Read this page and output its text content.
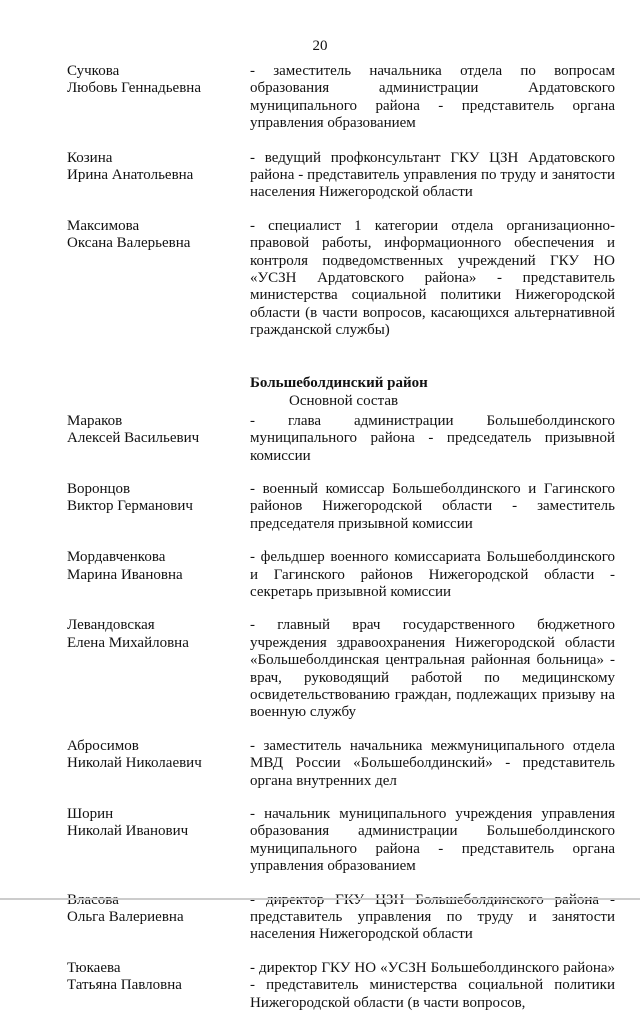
20
Сучкова
Любовь Геннадьевна
- заместитель начальника отдела по вопросам образования администрации Ардатовского муниципального района - представитель органа управления образованием
Козина
Ирина Анатольевна
- ведущий профконсультант ГКУ ЦЗН Ардатовского района - представитель управления по труду и занятости населения Нижегородской области
Максимова
Оксана Валерьевна
- специалист 1 категории отдела организационно-правовой работы, информационного обеспечения и контроля подведомственных учреждений ГКУ НО «УСЗН Ардатовского района» - представитель министерства социальной политики Нижегородской области (в части вопросов, касающихся альтернативной гражданской службы)
Большеболдинский район
Основной состав
Мараков
Алексей Васильевич
- глава администрации Большеболдинского муниципального района - председатель призывной комиссии
Воронцов
Виктор Германович
- военный комиссар Большеболдинского и Гагинского районов Нижегородской области - заместитель председателя призывной комиссии
Мордавченкова
Марина Ивановна
- фельдшер военного комиссариата Большеболдинского и Гагинского районов Нижегородской области - секретарь призывной комиссии
Левандовская
Елена Михайловна
- главный врач государственного бюджетного учреждения здравоохранения Нижегородской области «Большеболдинская центральная районная больница» - врач, руководящий работой по медицинскому освидетельствованию граждан, подлежащих призыву на военную службу
Абросимов
Николай Николаевич
- заместитель начальника межмуниципального отдела МВД России «Большеболдинский» - представитель органа внутренних дел
Шорин
Николай Иванович
- начальник муниципального учреждения управления образования администрации Большеболдинского муниципального района - представитель органа управления образованием
Ольга Валериевна	представитель управления по труду и занятости населения Нижегородской области
Тюкаева
Татьяна Павловна
- директор ГКУ НО «УСЗН Большеболдинского района» - представитель министерства социальной политики Нижегородской области (в части вопросов,
